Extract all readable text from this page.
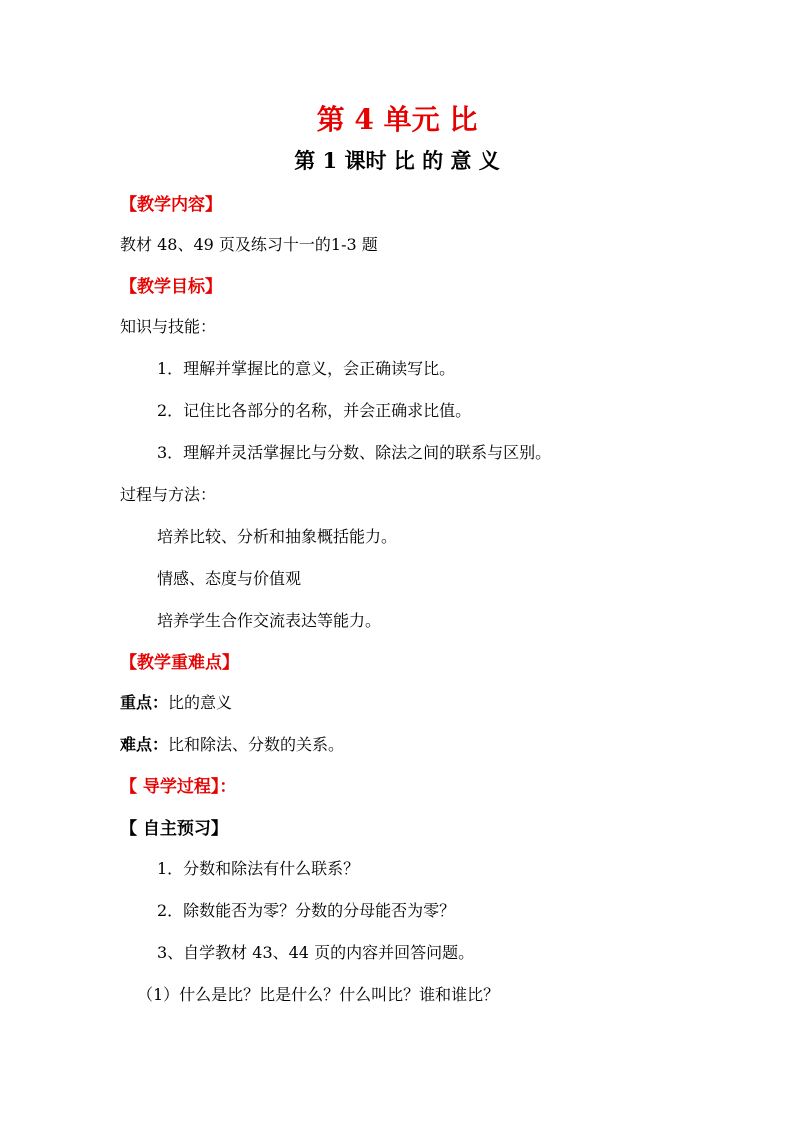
第 4 单元 比
第 1 课时 比 的 意 义
【教学内容】
教材 48、49 页及练习十一的1-3 题
【教学目标】
知识与技能：
1．理解并掌握比的意义，会正确读写比。
2．记住比各部分的名称，并会正确求比值。
3．理解并灵活掌握比与分数、除法之间的联系与区别。
过程与方法：
培养比较、分析和抽象概括能力。
情感、态度与价值观
培养学生合作交流表达等能力。
【教学重难点】
重点：比的意义
难点：比和除法、分数的关系。
【 导学过程】：
【 自主预习】
1．分数和除法有什么联系？
2．除数能否为零？分数的分母能否为零？
3、自学教材 43、44 页的内容并回答问题。
（1）什么是比？比是什么？什么叫比？谁和谁比？
